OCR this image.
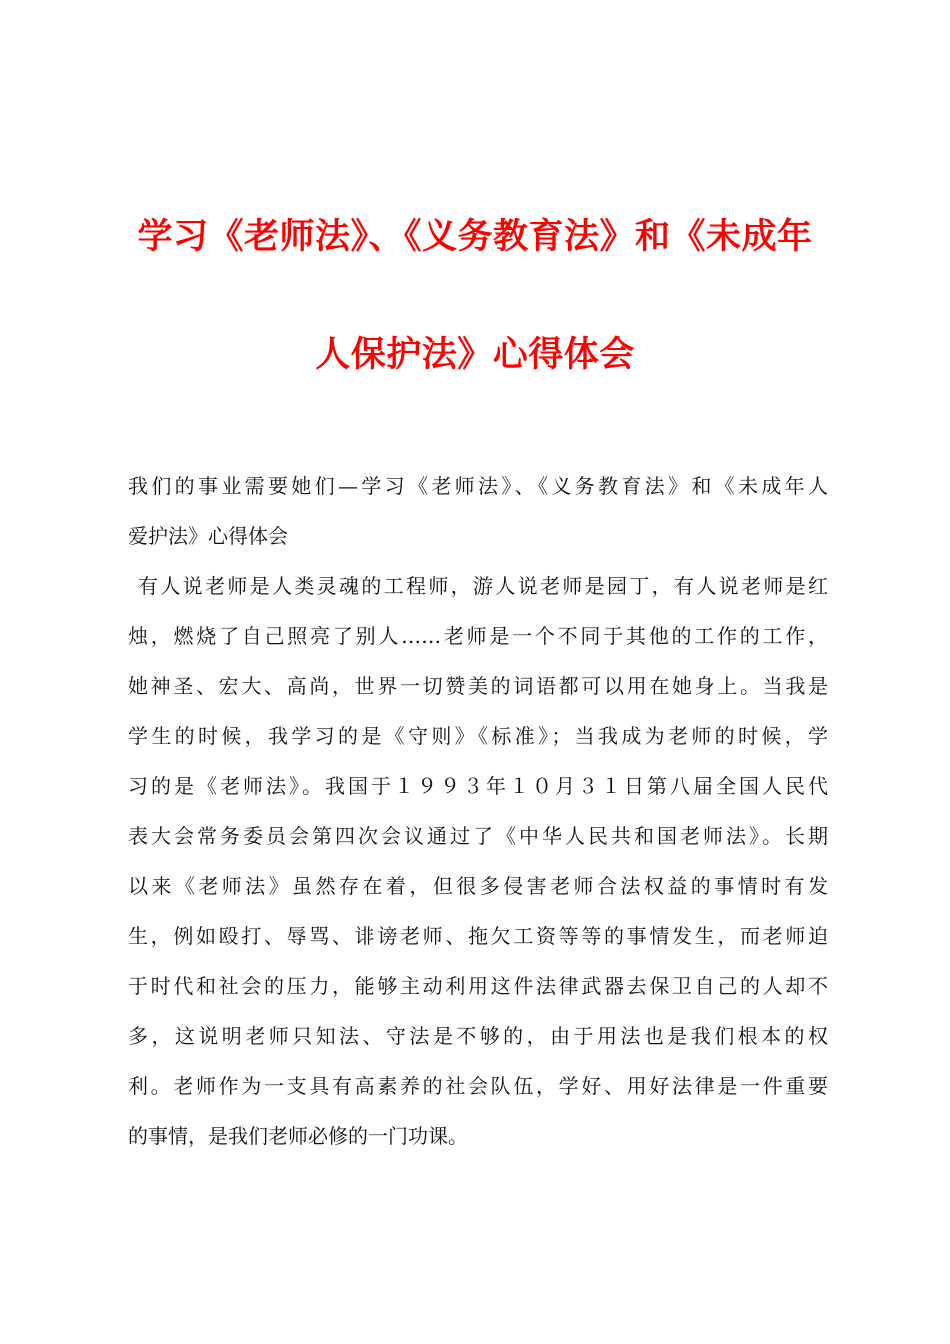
学习《老师法》、《义务教育法》和《未成年
人保护法》心得体会
我们的事业需要她们—学习《老师法》、《义务教育法》和《未成年人
爱护法》心得体会
有人说老师是人类灵魂的工程师，游人说老师是园丁，有人说老师是红
烛，燃烧了自己照亮了别人……老师是一个不同于其他的工作的工作，
她神圣、宏大、高尚，世界一切赞美的词语都可以用在她身上。当我是
学生的时候，我学习的是《守则》《标准》；当我成为老师的时候，学
习的是《老师法》。我国于１９９３年１０月３１日第八届全国人民代
表大会常务委员会第四次会议通过了《中华人民共和国老师法》。长期
以来《老师法》虽然存在着，但很多侵害老师合法权益的事情时有发
生，例如殴打、辱骂、诽谤老师、拖欠工资等等的事情发生，而老师迫
于时代和社会的压力，能够主动利用这件法律武器去保卫自己的人却不
多，这说明老师只知法、守法是不够的，由于用法也是我们根本的权
利。老师作为一支具有高素养的社会队伍，学好、用好法律是一件重要
的事情，是我们老师必修的一门功课。
